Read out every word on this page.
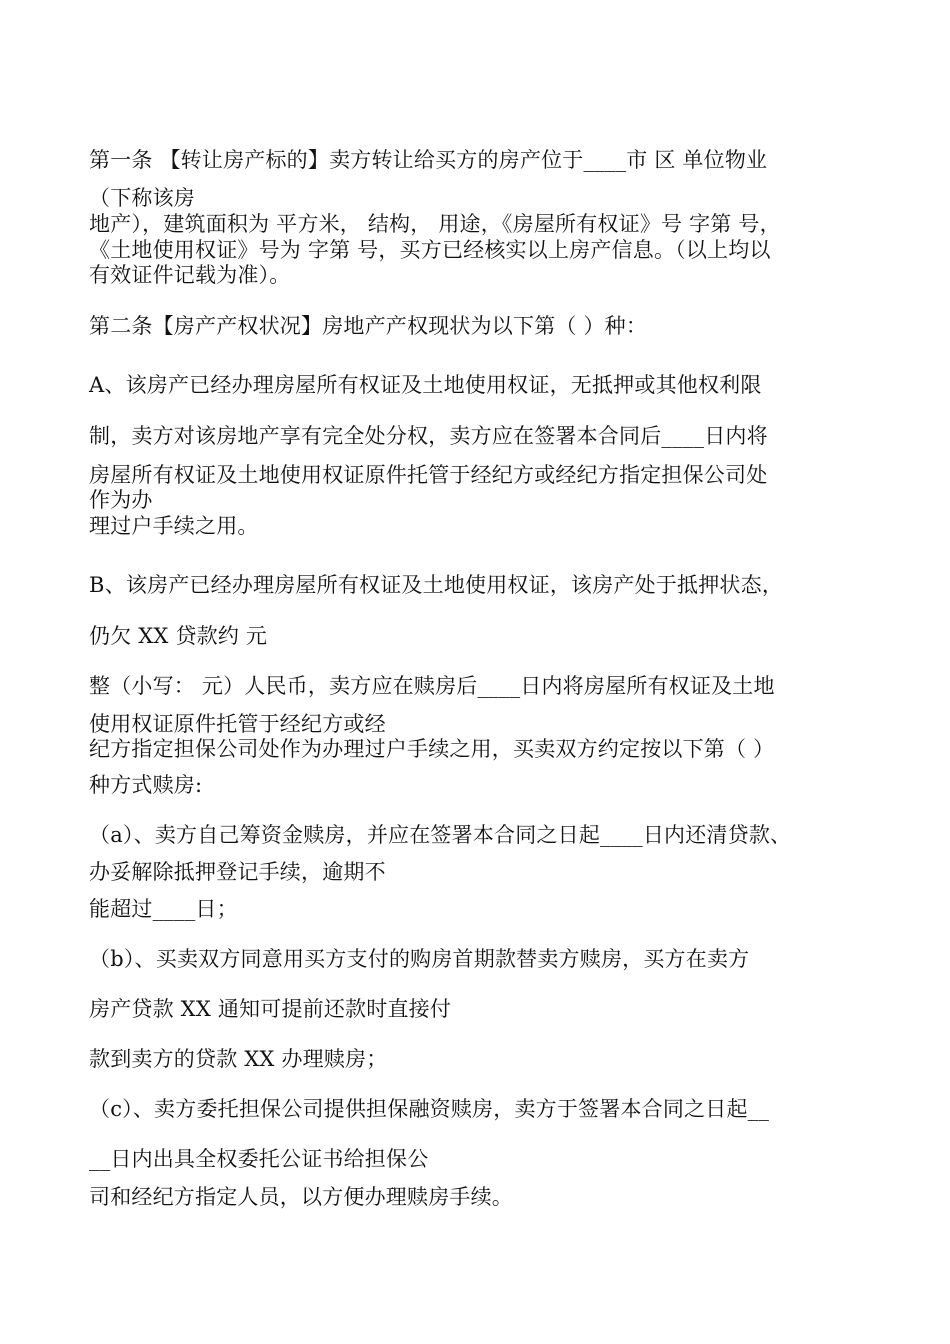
第一条 【转让房产标的】卖方转让给买方的房产位于____市 区 单位物业
（下称该房
地产），建筑面积为 平方米， 结构， 用途，《房屋所有权证》号 字第 号，
《土地使用权证》号为 字第 号，买方已经核实以上房产信息。（以上均以
有效证件记载为准）。
第二条【房产产权状况】房地产产权现状为以下第（ ）种：
A、该房产已经办理房屋所有权证及土地使用权证，无抵押或其他权利限
制，卖方对该房地产享有完全处分权，卖方应在签署本合同后____日内将
房屋所有权证及土地使用权证原件托管于经纪方或经纪方指定担保公司处
作为办
理过户手续之用。
B、该房产已经办理房屋所有权证及土地使用权证，该房产处于抵押状态，
仍欠 XX 贷款约 元
整（小写： 元）人民币，卖方应在赎房后____日内将房屋所有权证及土地
使用权证原件托管于经纪方或经
纪方指定担保公司处作为办理过户手续之用，买卖双方约定按以下第（ ）
种方式赎房:
（a）、卖方自己筹资金赎房，并应在签署本合同之日起____日内还清贷款、
办妥解除抵押登记手续，逾期不
能超过____日；
（b）、买卖双方同意用买方支付的购房首期款替卖方赎房，买方在卖方
房产贷款 XX 通知可提前还款时直接付
款到卖方的贷款 XX 办理赎房；
（c）、卖方委托担保公司提供担保融资赎房，卖方于签署本合同之日起__
__日内出具全权委托公证书给担保公
司和经纪方指定人员，以方便办理赎房手续。
